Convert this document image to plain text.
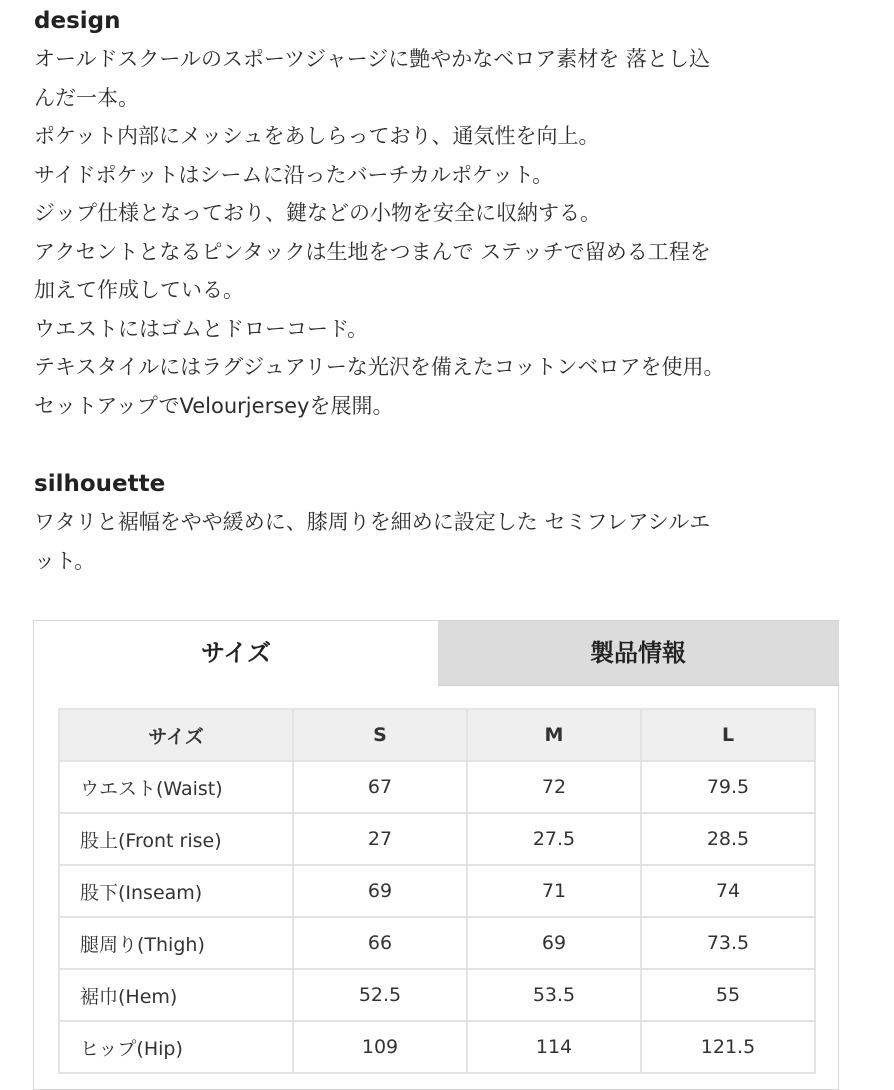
design
オールドスクールのスポーツジャージに艶やかなベロア素材を 落とし込
んだ一本。
ポケット内部にメッシュをあしらっており、通気性を向上。
サイドポケットはシームに沿ったバーチカルポケット。
ジップ仕様となっており、鍵などの小物を安全に収納する。
アクセントとなるピンタックは生地をつまんで ステッチで留める工程を
加えて作成している。
ウエストにはゴムとドローコード。
テキスタイルにはラグジュアリーな光沢を備えたコットンベロアを使用。
セットアップでVelourjerseyを展開。
silhouette
ワタリと裾幅をやや緩めに、膝周りを細めに設定した セミフレアシルエ
ット。
サイズ	製品情報
サイズ	S	M	L
ウエスト(Waist)	67	72	79.5
股上(Front rise)	27	27.5	28.5
股下(Inseam)	69	71	74
腿周り(Thigh)	66	69	73.5
裾巾(Hem)	52.5	53.5	55
ヒップ(Hip)	109	114	121.5
